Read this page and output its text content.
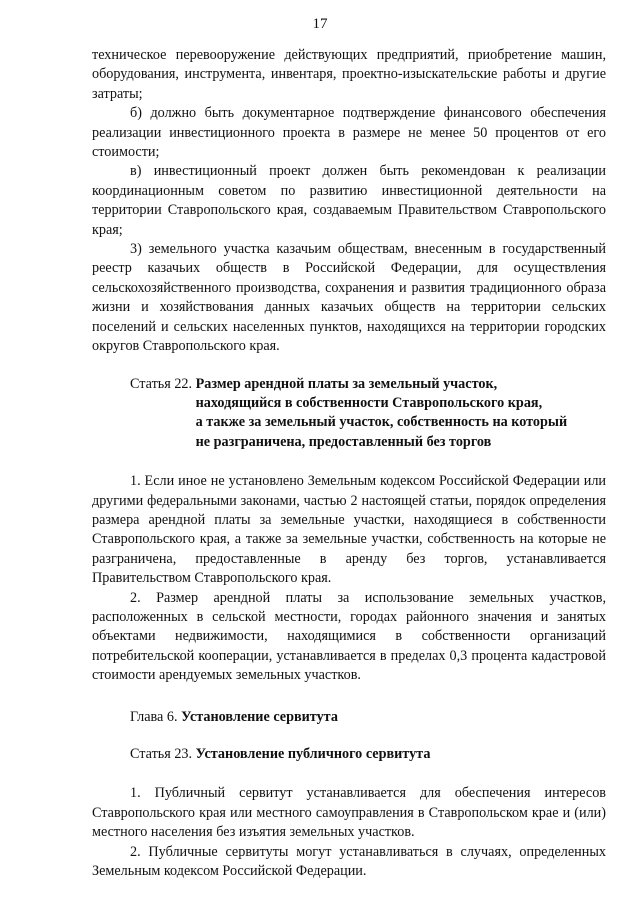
17

техническое перевооружение действующих предприятий, приобретение машин, оборудования, инструмента, инвентаря, проектно-изыскательские работы и другие затраты;

б) должно быть документарное подтверждение финансового обеспечения реализации инвестиционного проекта в размере не менее 50 процентов от его стоимости;

в) инвестиционный проект должен быть рекомендован к реализации координационным советом по развитию инвестиционной деятельности на территории Ставропольского края, создаваемым Правительством Ставропольского края;

3) земельного участка казачьим обществам, внесенным в государственный реестр казачьих обществ в Российской Федерации, для осуществления сельскохозяйственного производства, сохранения и развития традиционного образа жизни и хозяйствования данных казачьих обществ на территории сельских поселений и сельских населенных пунктов, находящихся на территории городских округов Ставропольского края.

Статья 22. Размер арендной платы за земельный участок,
находящийся в собственности Ставропольского края,
а также за земельный участок, собственность на который
не разграничена, предоставленный без торгов

1. Если иное не установлено Земельным кодексом Российской Федерации или другими федеральными законами, частью 2 настоящей статьи, порядок определения размера арендной платы за земельные участки, находящиеся в собственности Ставропольского края, а также за земельные участки, собственность на которые не разграничена, предоставленные в аренду без торгов, устанавливается Правительством Ставропольского края.

2. Размер арендной платы за использование земельных участков, расположенных в сельской местности, городах районного значения и занятых объектами недвижимости, находящимися в собственности организаций потребительской кооперации, устанавливается в пределах 0,3 процента кадастровой стоимости арендуемых земельных участков.

Глава 6. Установление сервитута
Статья 23. Установление публичного сервитута

1. Публичный сервитут устанавливается для обеспечения интересов Ставропольского края или местного самоуправления в Ставропольском крае и (или) местного населения без изъятия земельных участков.

2. Публичные сервитуты могут устанавливаться в случаях, определенных Земельным кодексом Российской Федерации.
